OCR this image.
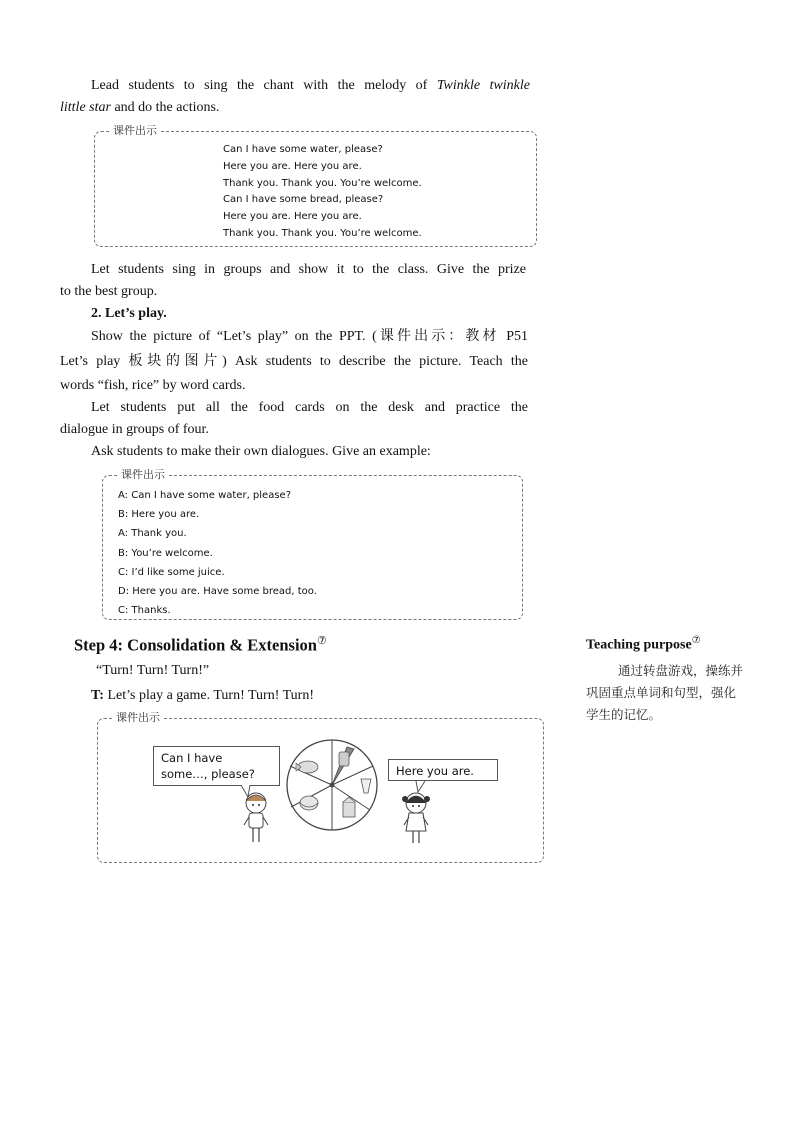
Lead students to sing the chant with the melody of Twinkle twinkle
little star and do the actions.
课件出示
Can I have some water, please?
Here you are. Here you are.
Thank you. Thank you. You’re welcome.
Can I have some bread, please?
Here you are. Here you are.
Thank you. Thank you. You’re welcome.
Let students sing in groups and show it to the class. Give the prize
to the best group.
2. Let’s play.
Show the picture of “Let’s play” on the PPT. (课件出示：教材 P51
Let’s play 板块的图片) Ask students to describe the picture. Teach the
words “fish, rice” by word cards.
Let students put all the food cards on the desk and practice the
dialogue in groups of four.
Ask students to make their own dialogues. Give an example:
课件出示
A: Can I have some water, please?
B: Here you are.
A: Thank you.
B: You’re welcome.
C: I’d like some juice.
D: Here you are. Have some bread, too.
C: Thanks.
Step 4: Consolidation & Extension⑦
“Turn! Turn! Turn!”
T: Let’s play a game. Turn! Turn! Turn!
课件出示
Can I have some…, please?	Here you are.
Teaching purpose⑦
通过转盘游戏，操练并
巩固重点单词和句型，强化
学生的记忆。
